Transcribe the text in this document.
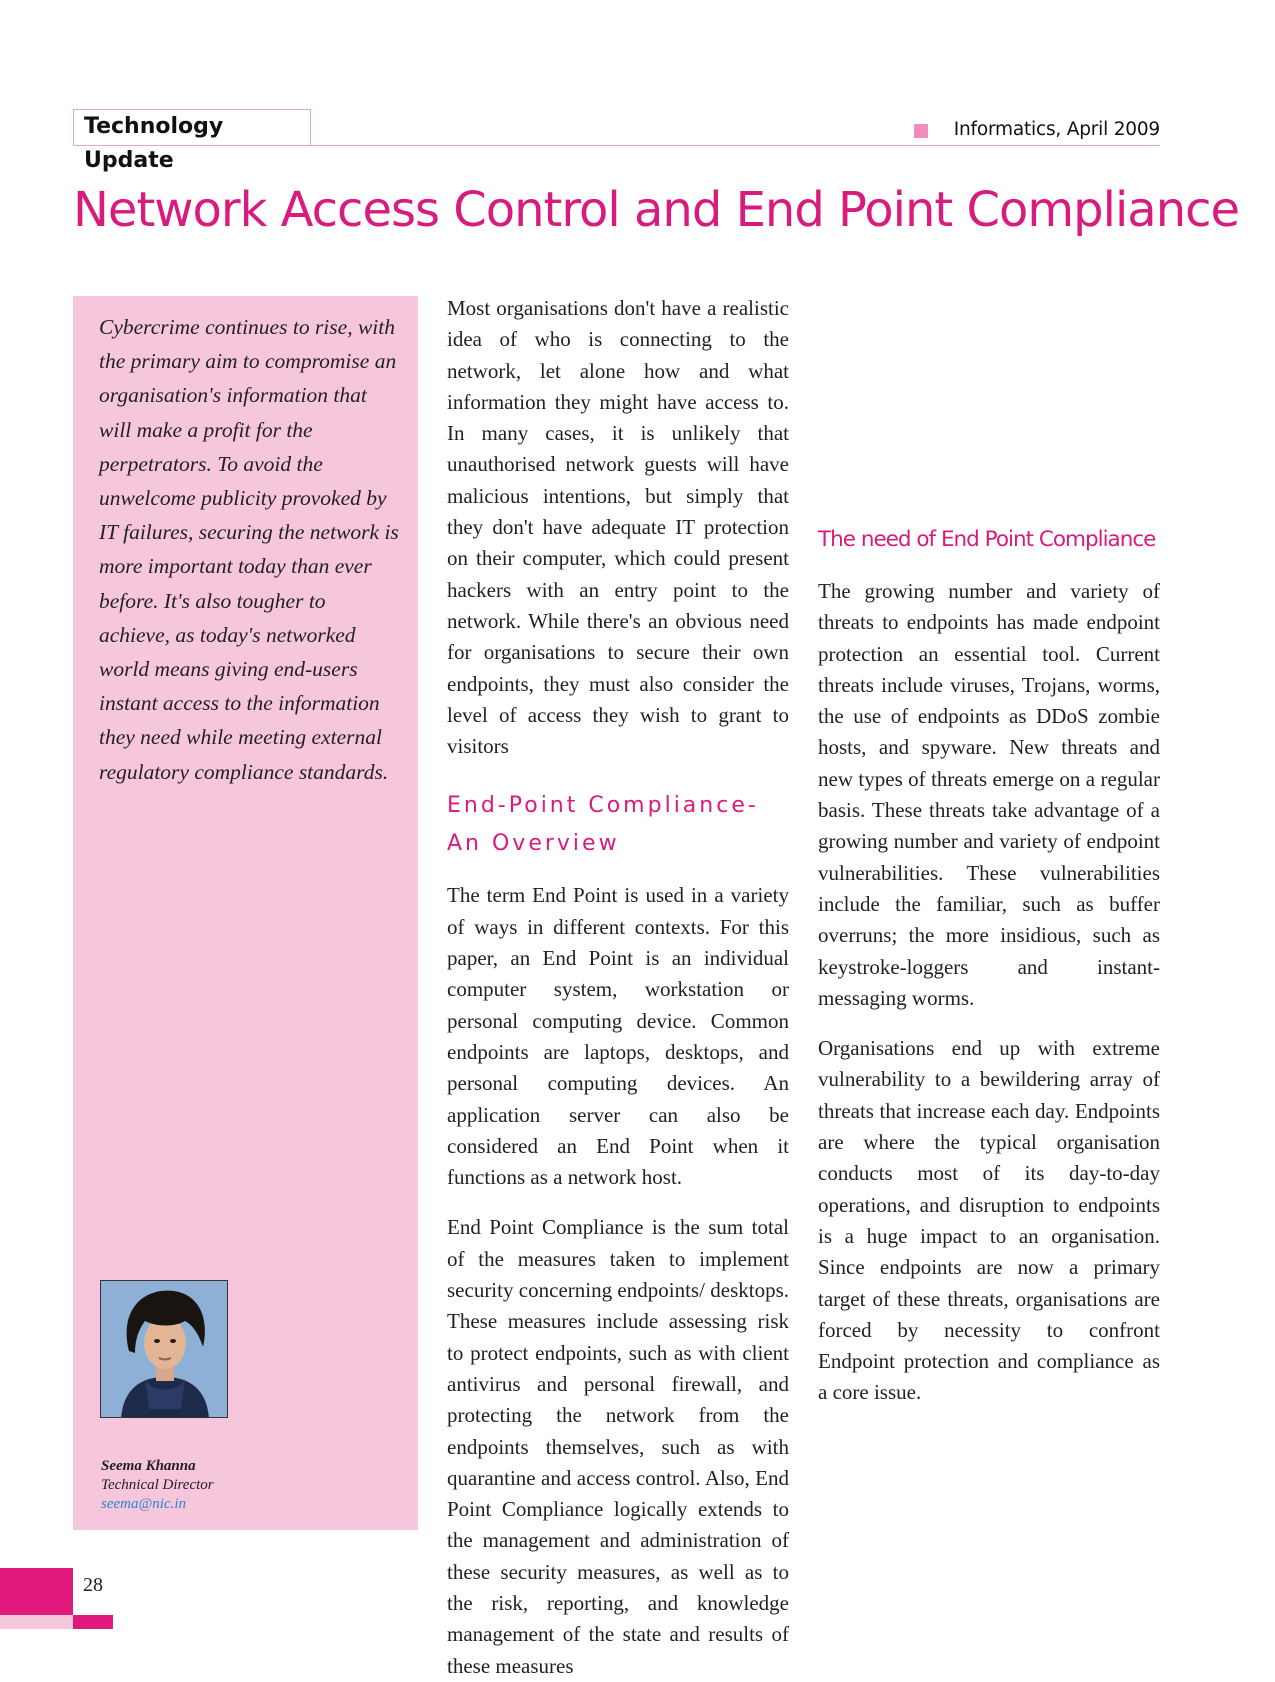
Technology Update
Informatics, April 2009
Network Access Control and End Point Compliance
Cybercrime continues to rise, with the primary aim to compromise an organisation's information that will make a profit for the perpetrators. To avoid the unwelcome publicity provoked by IT failures, securing the network is more important today than ever before. It's also tougher to achieve, as today's networked world means giving end-users instant access to the information they need while meeting external regulatory compliance standards.
Seema Khanna
Technical Director
seema@nic.in

Most organisations don't have a realistic idea of who is connecting to the network, let alone how and what information they might have access to. In many cases, it is unlikely that unauthorised network guests will have malicious intentions, but simply that they don't have adequate IT protection on their computer, which could present hackers with an entry point to the network. While there's an obvious need for organisations to secure their own endpoints, they must also consider the level of access they wish to grant to visitors

End-Point Compliance- An Overview

The term End Point is used in a variety of ways in different contexts. For this paper, an End Point is an individual computer system, workstation or personal computing device. Common endpoints are laptops, desktops, and personal computing devices. An application server can also be considered an End Point when it functions as a network host.

End Point Compliance is the sum total of the measures taken to implement security concerning endpoints/ desktops. These measures include assessing risk to protect endpoints, such as with client antivirus and personal firewall, and protecting the network from the endpoints themselves, such as with quarantine and access control. Also, End Point Compliance logically extends to the management and administration of these security measures, as well as to the risk, reporting, and knowledge management of the state and results of these measures

The need of End Point Compliance

The growing number and variety of threats to endpoints has made endpoint protection an essential tool. Current threats include viruses, Trojans, worms, the use of endpoints as DDoS zombie hosts, and spyware. New threats and new types of threats emerge on a regular basis. These threats take advantage of a growing number and variety of endpoint vulnerabilities. These vulnerabilities include the familiar, such as buffer overruns; the more insidious, such as keystroke-loggers and instant-messaging worms.

Organisations end up with extreme vulnerability to a bewildering array of threats that increase each day. Endpoints are where the typical organisation conducts most of its day-to-day operations, and disruption to endpoints is a huge impact to an organisation. Since endpoints are now a primary target of these threats, organisations are forced by necessity to confront Endpoint protection and compliance as a core issue.

28
